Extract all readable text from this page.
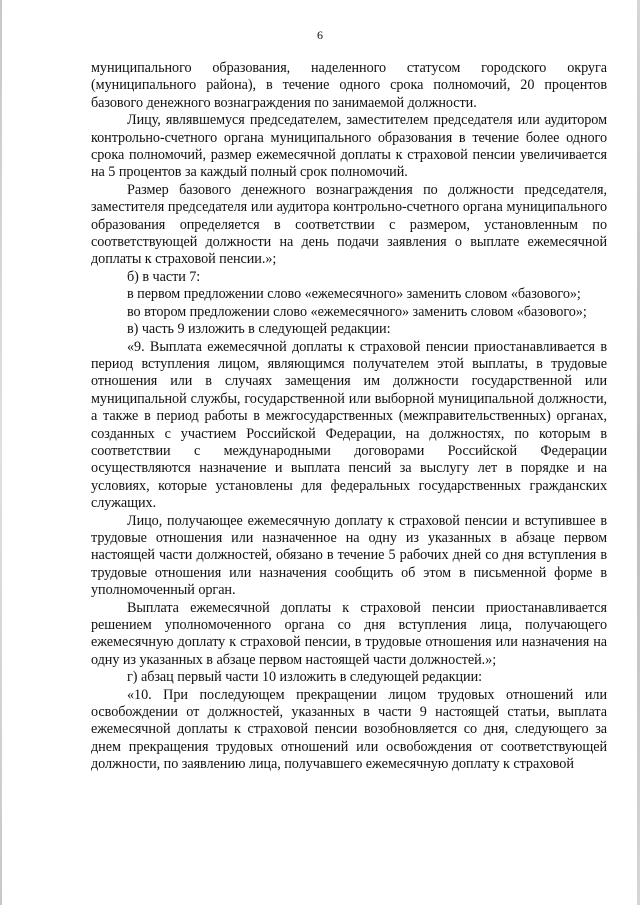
6

муниципального образования, наделенного статусом городского округа (муниципального района), в течение одного срока полномочий, 20 процентов базового денежного вознаграждения по занимаемой должности.

Лицу, являвшемуся председателем, заместителем председателя или аудитором контрольно-счетного органа муниципального образования в течение более одного срока полномочий, размер ежемесячной доплаты к страховой пенсии увеличивается на 5 процентов за каждый полный срок полномочий.

Размер базового денежного вознаграждения по должности председателя, заместителя председателя или аудитора контрольно-счетного органа муниципального образования определяется в соответствии с размером, установленным по соответствующей должности на день подачи заявления о выплате ежемесячной доплаты к страховой пенсии.»;

б) в части 7:

в первом предложении слово «ежемесячного» заменить словом «базового»;

во втором предложении слово «ежемесячного» заменить словом «базового»;

в) часть 9 изложить в следующей редакции:

«9. Выплата ежемесячной доплаты к страховой пенсии приостанавливается в период вступления лицом, являющимся получателем этой выплаты, в трудовые отношения или в случаях замещения им должности государственной или муниципальной службы, государственной или выборной муниципальной должности, а также в период работы в межгосударственных (межправительственных) органах, созданных с участием Российской Федерации, на должностях, по которым в соответствии с международными договорами Российской Федерации осуществляются назначение и выплата пенсий за выслугу лет в порядке и на условиях, которые установлены для федеральных государственных гражданских служащих.

Лицо, получающее ежемесячную доплату к страховой пенсии и вступившее в трудовые отношения или назначенное на одну из указанных в абзаце первом настоящей части должностей, обязано в течение 5 рабочих дней со дня вступления в трудовые отношения или назначения сообщить об этом в письменной форме в уполномоченный орган.

Выплата ежемесячной доплаты к страховой пенсии приостанавливается решением уполномоченного органа со дня вступления лица, получающего ежемесячную доплату к страховой пенсии, в трудовые отношения или назначения на одну из указанных в абзаце первом настоящей части должностей.»;

г) абзац первый части 10 изложить в следующей редакции:

«10. При последующем прекращении лицом трудовых отношений или освобождении от должностей, указанных в части 9 настоящей статьи, выплата ежемесячной доплаты к страховой пенсии возобновляется со дня, следующего за днем прекращения трудовых отношений или освобождения от соответствующей должности, по заявлению лица, получавшего ежемесячную доплату к страховой
